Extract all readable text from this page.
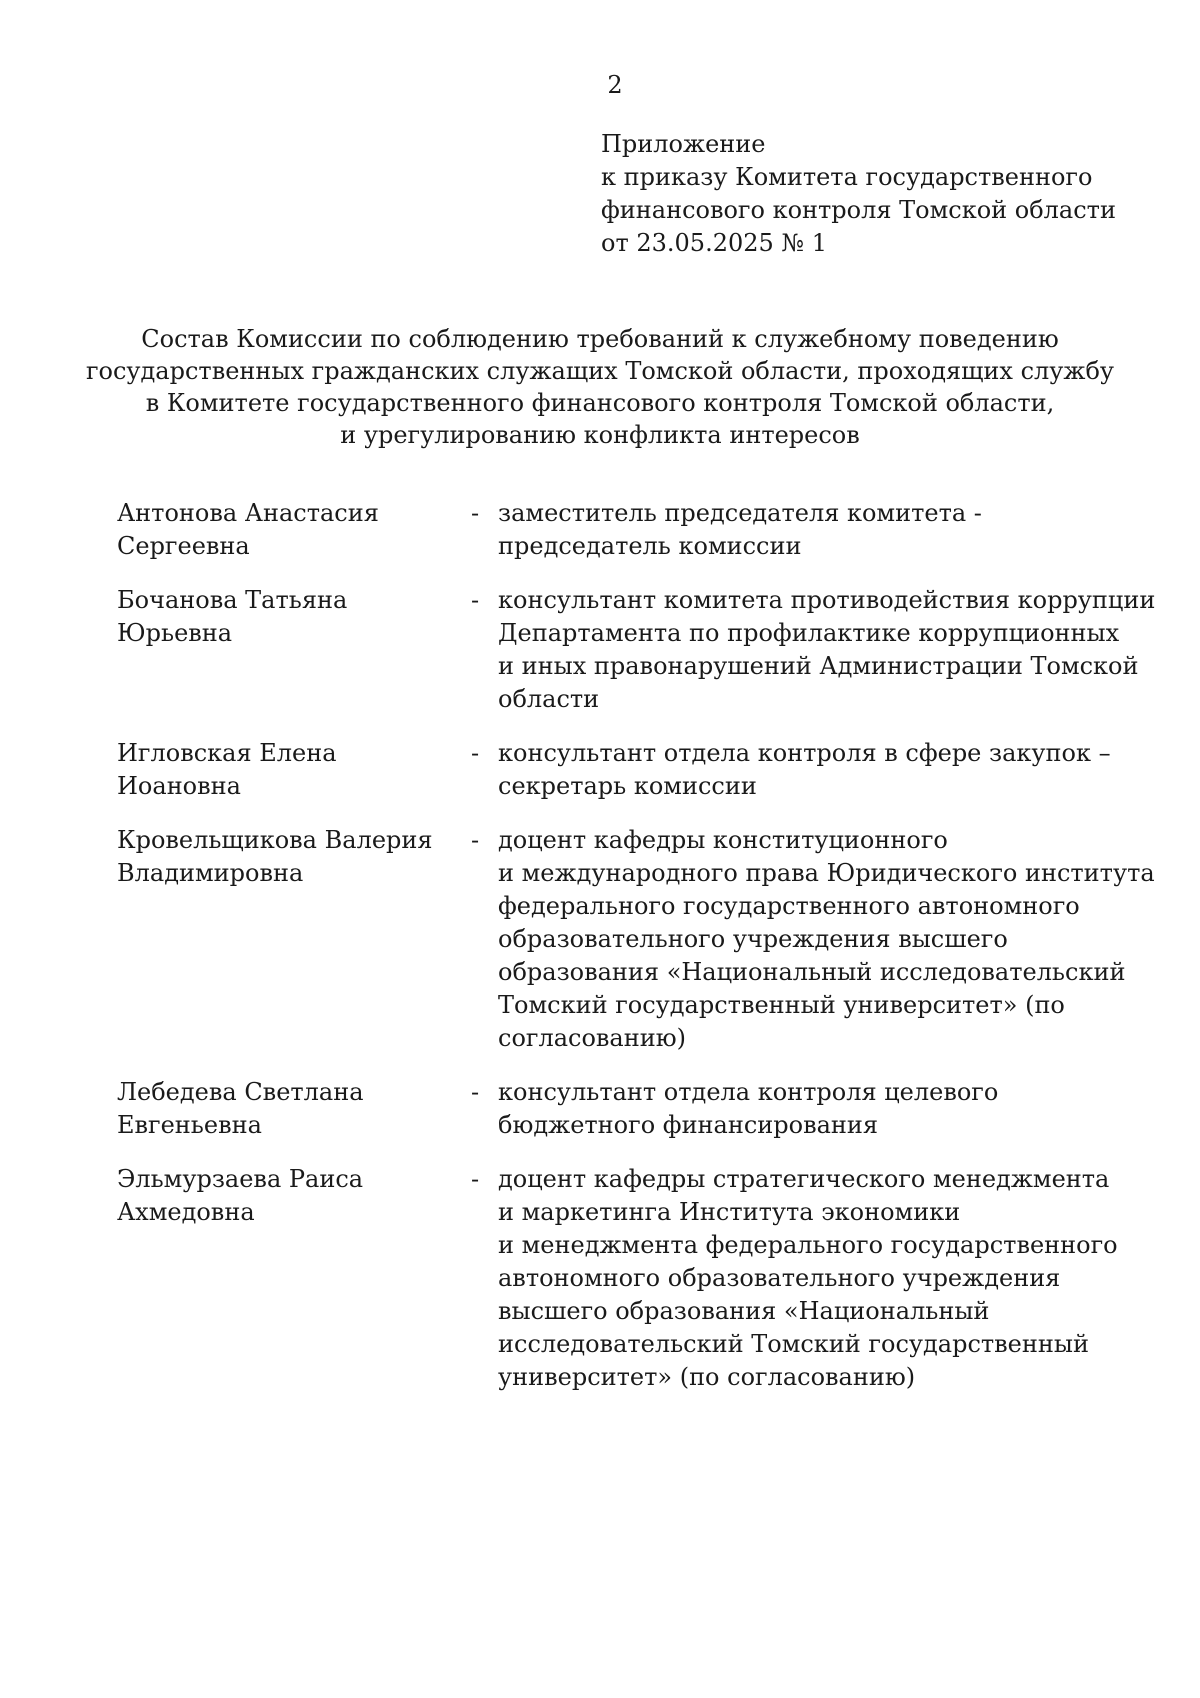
2
Приложение
к приказу Комитета государственного
финансового контроля Томской области
от 23.05.2025 № 1
Состав Комиссии по соблюдению требований к служебному поведению
государственных гражданских служащих Томской области, проходящих службу
в Комитете государственного финансового контроля Томской области,
и урегулированию конфликта интересов
Антонова Анастасия
Сергеевна
- заместитель председателя комитета -
председатель комиссии
Бочанова Татьяна
Юрьевна
- консультант комитета противодействия коррупции
Департамента по профилактике коррупционных
и иных правонарушений Администрации Томской
области
Игловская Елена
Иоановна
- консультант отдела контроля в сфере закупок –
секретарь комиссии
Кровельщикова Валерия
Владимировна
- доцент кафедры конституционного
и международного права Юридического института
федерального государственного автономного
образовательного учреждения высшего
образования «Национальный исследовательский
Томский государственный университет» (по
согласованию)
Лебедева Светлана
Евгеньевна
- консультант отдела контроля целевого
бюджетного финансирования
Эльмурзаева Раиса
Ахмедовна
- доцент кафедры стратегического менеджмента
и маркетинга Института экономики
и менеджмента федерального государственного
автономного образовательного учреждения
высшего образования «Национальный
исследовательский Томский государственный
университет» (по согласованию)
